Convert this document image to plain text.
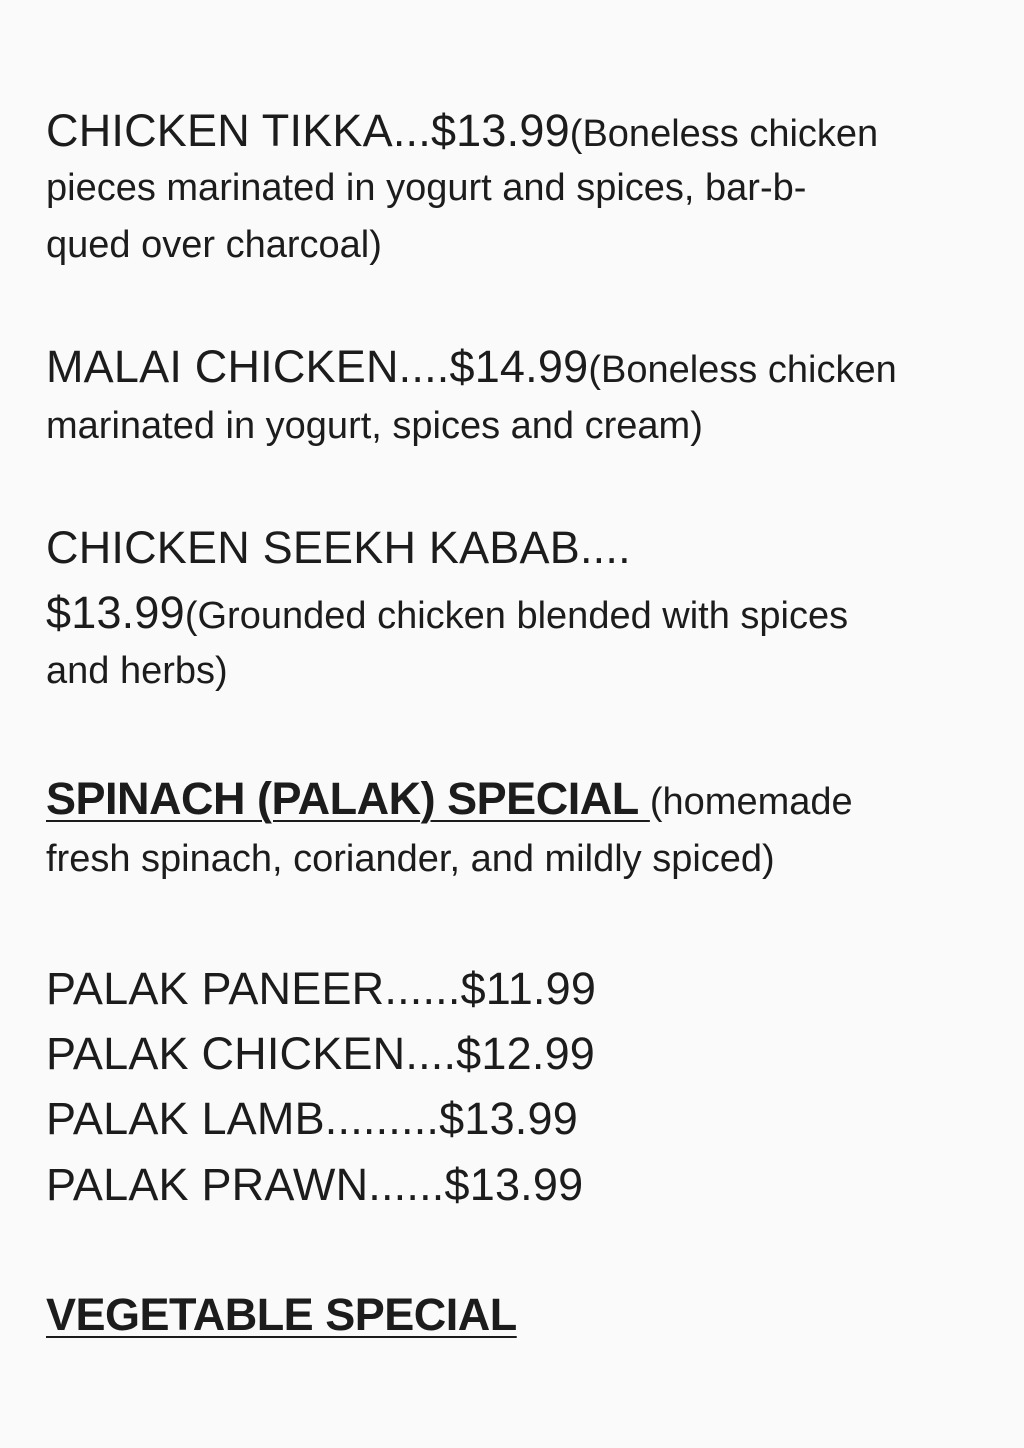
CHICKEN TIKKA...$13.99(Boneless chicken
pieces marinated in yogurt and spices, bar-b-
qued over charcoal)
MALAI CHICKEN....$14.99(Boneless chicken
marinated in yogurt, spices and cream)
CHICKEN SEEKH KABAB....
$13.99(Grounded chicken blended with spices
and herbs)
SPINACH (PALAK) SPECIAL (homemade
fresh spinach, coriander, and mildly spiced)
PALAK PANEER......$11.99
PALAK CHICKEN....$12.99
PALAK LAMB.........$13.99
PALAK PRAWN......$13.99
VEGETABLE SPECIAL
